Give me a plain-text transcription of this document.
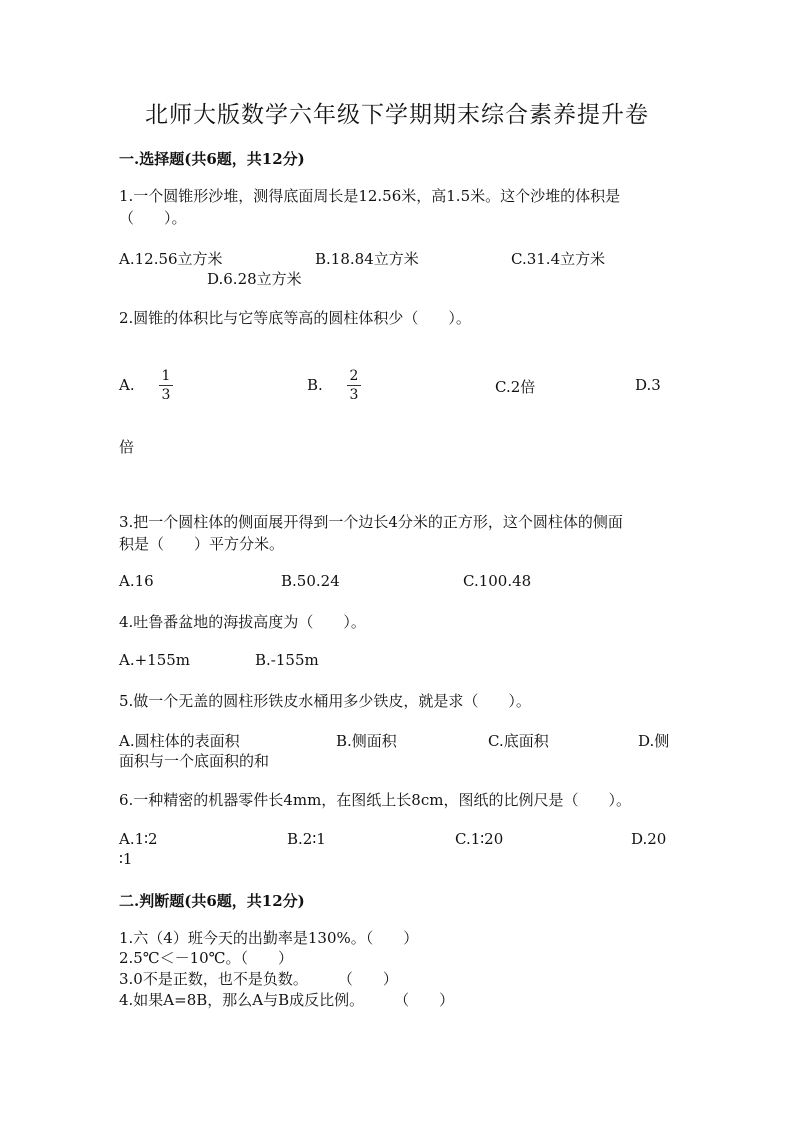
北师大版数学六年级下学期期末综合素养提升卷
一.选择题(共6题，共12分)
1.一个圆锥形沙堆，测得底面周长是12.56米，高1.5米。这个沙堆的体积是
（　　）。
A.12.56立方米	B.18.84立方米	C.31.4立方米
D.6.28立方米
2.圆锥的体积比与它等底等高的圆柱体积少（　　）。
A. 1
3
B. 2
3	C.2倍	D.3
倍
3.把一个圆柱体的侧面展开得到一个边长4分米的正方形，这个圆柱体的侧面
积是（　　）平方分米。
A.16	B.50.24	C.100.48
4.吐鲁番盆地的海拔高度为（　　）。
A.+155m	B.-155m
5.做一个无盖的圆柱形铁皮水桶用多少铁皮，就是求（　　）。
A.圆柱体的表面积	B.侧面积	C.底面积	D.侧
面积与一个底面积的和
6.一种精密的机器零件长4mm，在图纸上长8cm，图纸的比例尺是（　　）。
A.1∶2	B.2∶1	C.1∶20	D.20
∶1
二.判断题(共6题，共12分)
1.六（4）班今天的出勤率是130%。（　　）
2.5℃＜－10℃。（　　）
3.0不是正数，也不是负数。　　　（　　）
4.如果A=8B，那么A与B成反比例。　　　（　　）
